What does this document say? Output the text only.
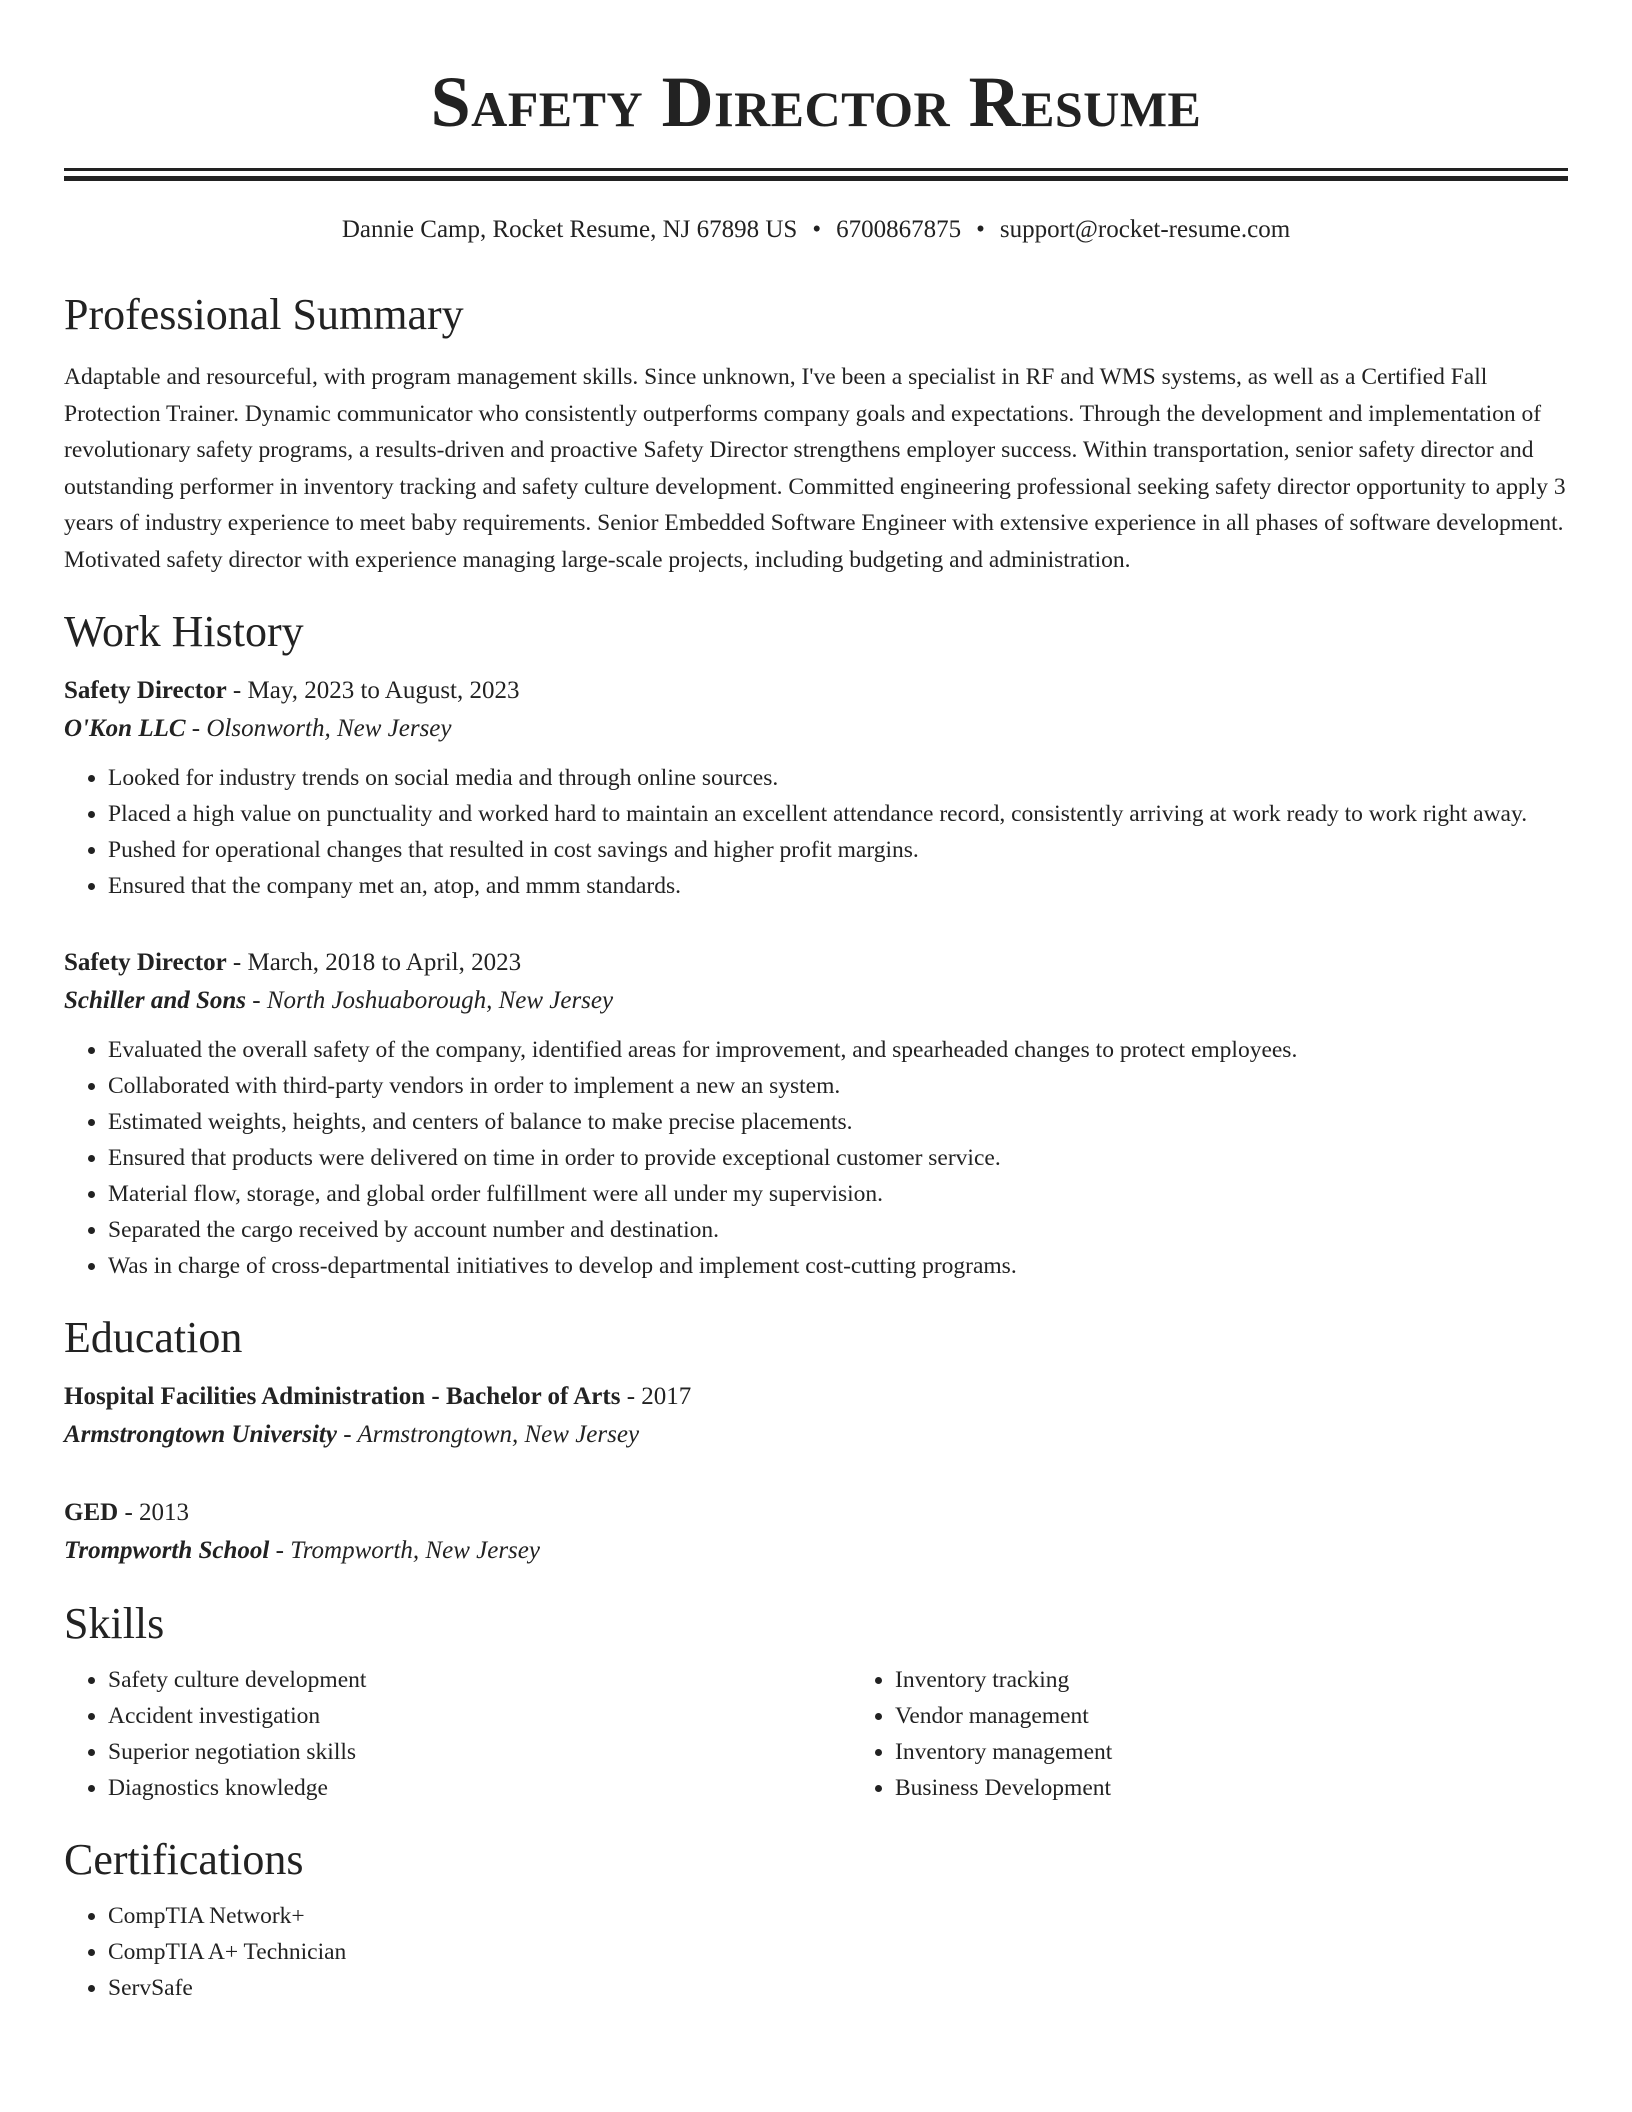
Safety Director Resume
Dannie Camp, Rocket Resume, NJ 67898 US • 6700867875 • support@rocket-resume.com
Professional Summary
Adaptable and resourceful, with program management skills. Since unknown, I've been a specialist in RF and WMS systems, as well as a Certified Fall Protection Trainer. Dynamic communicator who consistently outperforms company goals and expectations. Through the development and implementation of revolutionary safety programs, a results-driven and proactive Safety Director strengthens employer success. Within transportation, senior safety director and outstanding performer in inventory tracking and safety culture development. Committed engineering professional seeking safety director opportunity to apply 3 years of industry experience to meet baby requirements. Senior Embedded Software Engineer with extensive experience in all phases of software development. Motivated safety director with experience managing large-scale projects, including budgeting and administration.
Work History
Safety Director - May, 2023 to August, 2023
O'Kon LLC - Olsonworth, New Jersey
• Looked for industry trends on social media and through online sources.
• Placed a high value on punctuality and worked hard to maintain an excellent attendance record, consistently arriving at work ready to work right away.
• Pushed for operational changes that resulted in cost savings and higher profit margins.
• Ensured that the company met an, atop, and mmm standards.
Safety Director - March, 2018 to April, 2023
Schiller and Sons - North Joshuaborough, New Jersey
• Evaluated the overall safety of the company, identified areas for improvement, and spearheaded changes to protect employees.
• Collaborated with third-party vendors in order to implement a new an system.
• Estimated weights, heights, and centers of balance to make precise placements.
• Ensured that products were delivered on time in order to provide exceptional customer service.
• Material flow, storage, and global order fulfillment were all under my supervision.
• Separated the cargo received by account number and destination.
• Was in charge of cross-departmental initiatives to develop and implement cost-cutting programs.
Education
Hospital Facilities Administration - Bachelor of Arts - 2017
Armstrongtown University - Armstrongtown, New Jersey
GED - 2013
Trompworth School - Trompworth, New Jersey
Skills
• Safety culture development
• Accident investigation
• Superior negotiation skills
• Diagnostics knowledge
• Inventory tracking
• Vendor management
• Inventory management
• Business Development
Certifications
• CompTIA Network+
• CompTIA A+ Technician
• ServSafe
